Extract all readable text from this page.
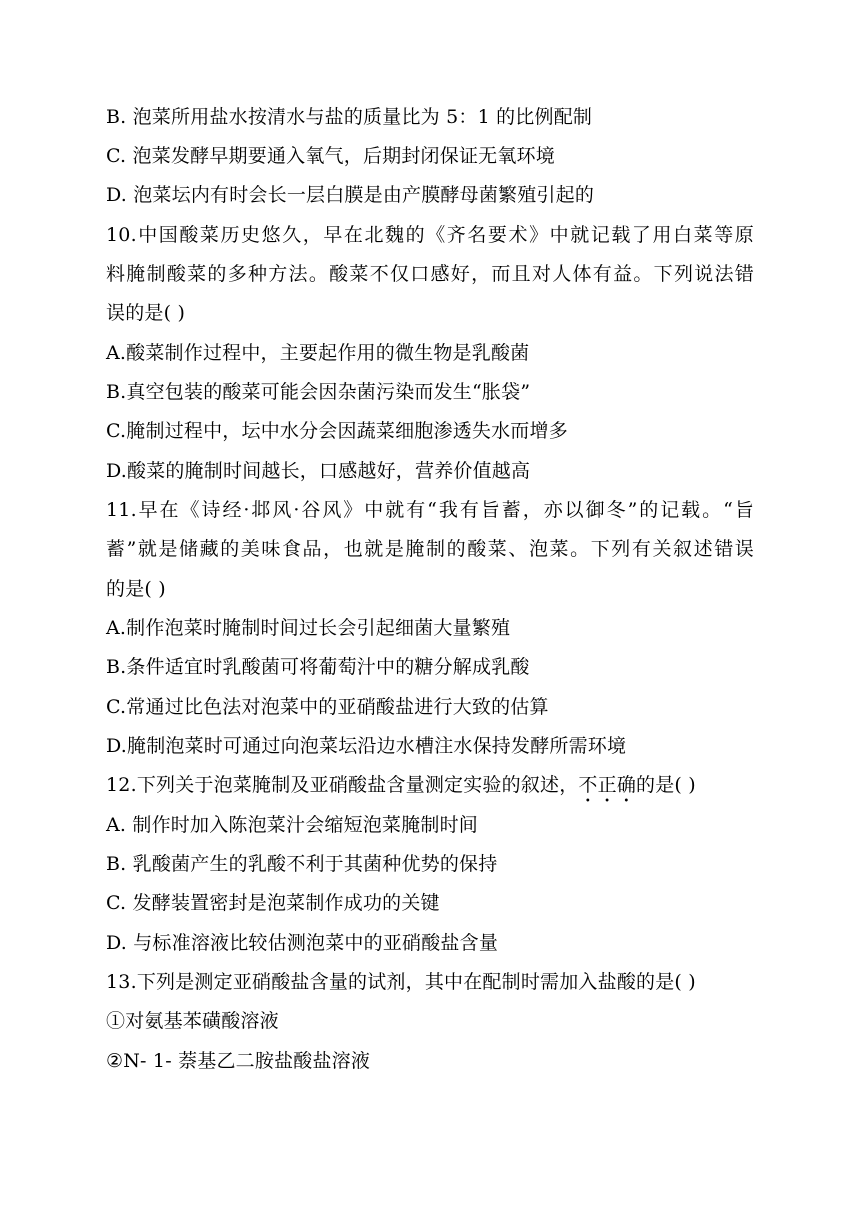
B. 泡菜所用盐水按清水与盐的质量比为 5：1 的比例配制
C. 泡菜发酵早期要通入氧气，后期封闭保证无氧环境
D. 泡菜坛内有时会长一层白膜是由产膜酵母菌繁殖引起的
10.中国酸菜历史悠久，早在北魏的《齐名要术》中就记载了用白菜等原
料腌制酸菜的多种方法。酸菜不仅口感好，而且对人体有益。下列说法错
误的是( )
A.酸菜制作过程中，主要起作用的微生物是乳酸菌
B.真空包装的酸菜可能会因杂菌污染而发生“胀袋”
C.腌制过程中，坛中水分会因蔬菜细胞渗透失水而增多
D.酸菜的腌制时间越长，口感越好，营养价值越高
11.早在《诗经·邶风·谷风》中就有“我有旨蓄，亦以御冬”的记载。“旨
蓄”就是储藏的美味食品，也就是腌制的酸菜、泡菜。下列有关叙述错误
的是( )
A.制作泡菜时腌制时间过长会引起细菌大量繁殖
B.条件适宜时乳酸菌可将葡萄汁中的糖分解成乳酸
C.常通过比色法对泡菜中的亚硝酸盐进行大致的估算
D.腌制泡菜时可通过向泡菜坛沿边水槽注水保持发酵所需环境
12.下列关于泡菜腌制及亚硝酸盐含量测定实验的叙述，不正确的是( )
A. 制作时加入陈泡菜汁会缩短泡菜腌制时间
B. 乳酸菌产生的乳酸不利于其菌种优势的保持
C. 发酵装置密封是泡菜制作成功的关键
D. 与标准溶液比较估测泡菜中的亚硝酸盐含量
13.下列是测定亚硝酸盐含量的试剂，其中在配制时需加入盐酸的是( )
①对氨基苯磺酸溶液
②N- 1- 萘基乙二胺盐酸盐溶液
